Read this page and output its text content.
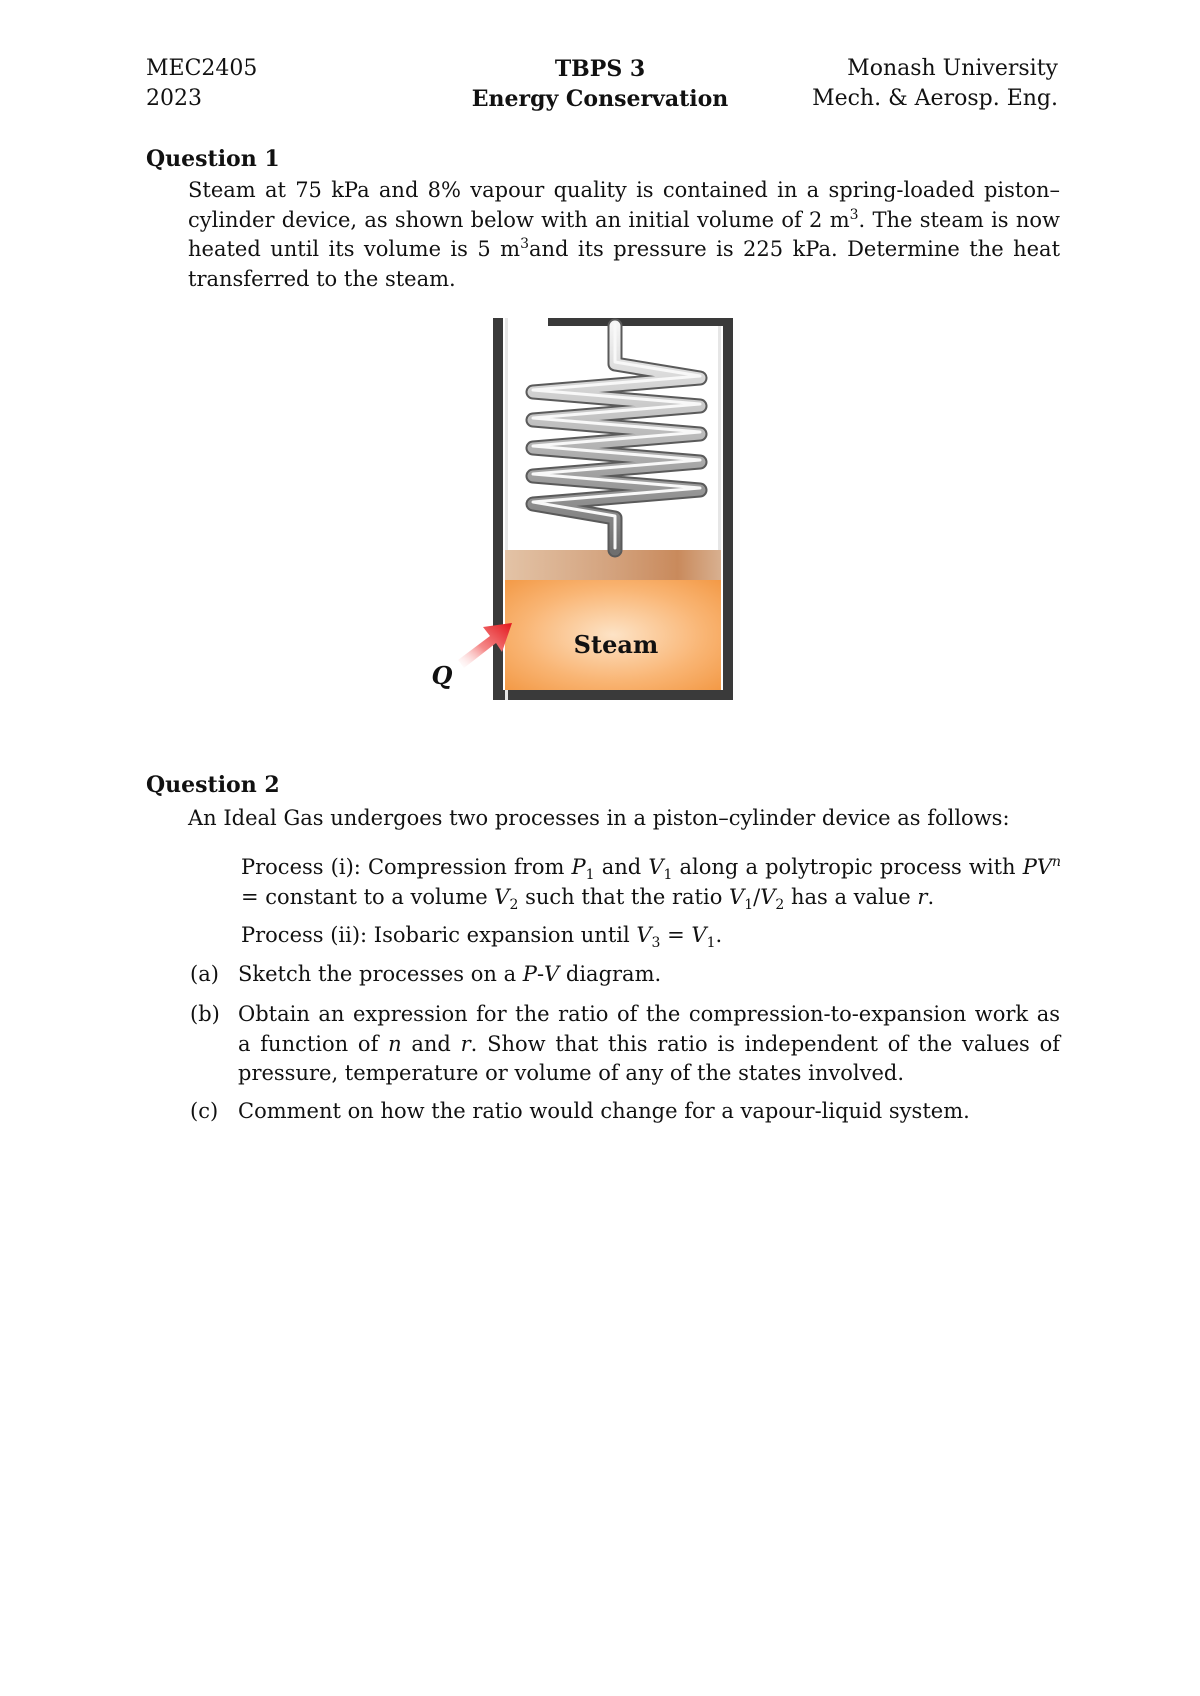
MEC2405
2023
TBPS 3
Energy Conservation
Monash University
Mech. & Aerosp. Eng.
Question 1
Steam at 75 kPa and 8% vapour quality is contained in a spring-loaded piston–cylinder device, as shown below with an initial volume of 2 $m^3$. The steam is now heated until its volume is 5 $m^3and$ its pressure is 225 kPa. Determine the heat transferred to the steam.
Steam
Q
Question 2
An Ideal Gas undergoes two processes in a piston–cylinder device as follows:
Process (i): Compression from $P_1$ and $V_1$ along a polytropic process with $PV^n$ = constant to a volume $V_2$ such that the ratio $V_1/V_2$ has a value r.
Process (ii): Isobaric expansion until $V_3 = V_1$.
(a) Sketch the processes on a P-V diagram.
(b) Obtain an expression for the ratio of the compression-to-expansion work as a function of n and r. Show that this ratio is independent of the values of pressure, temperature or volume of any of the states involved.
(c) Comment on how the ratio would change for a vapour-liquid system.
